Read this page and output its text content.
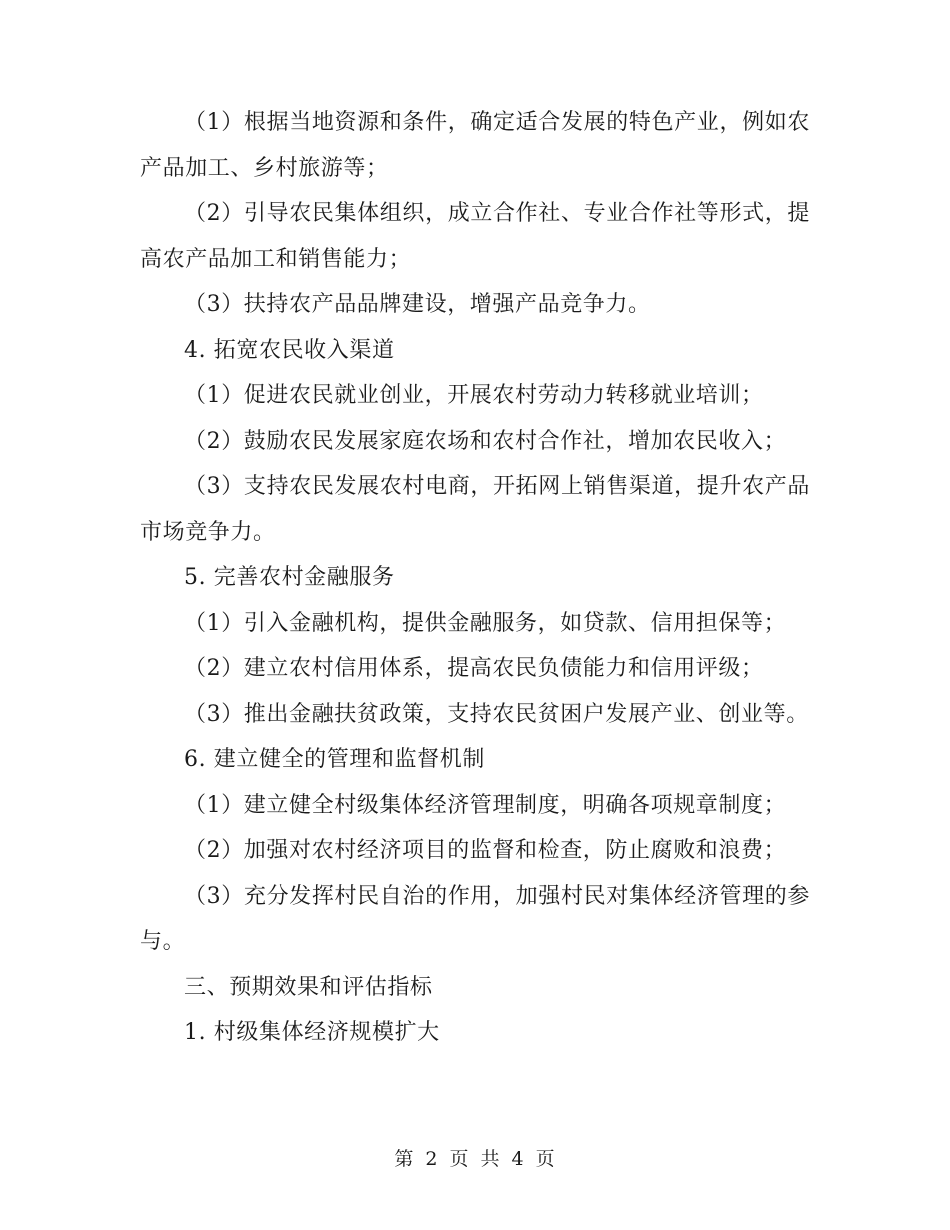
（1）根据当地资源和条件，确定适合发展的特色产业，例如农产品加工、乡村旅游等；

（2）引导农民集体组织，成立合作社、专业合作社等形式，提高农产品加工和销售能力；

（3）扶持农产品品牌建设，增强产品竞争力。

4. 拓宽农民收入渠道

（1）促进农民就业创业，开展农村劳动力转移就业培训；

（2）鼓励农民发展家庭农场和农村合作社，增加农民收入；

（3）支持农民发展农村电商，开拓网上销售渠道，提升农产品市场竞争力。

5. 完善农村金融服务

（1）引入金融机构，提供金融服务，如贷款、信用担保等；

（2）建立农村信用体系，提高农民负债能力和信用评级；

（3）推出金融扶贫政策，支持农民贫困户发展产业、创业等。

6. 建立健全的管理和监督机制

（1）建立健全村级集体经济管理制度，明确各项规章制度；

（2）加强对农村经济项目的监督和检查，防止腐败和浪费；

（3）充分发挥村民自治的作用，加强村民对集体经济管理的参与。

三、预期效果和评估指标

1. 村级集体经济规模扩大

第 2 页 共 4 页
